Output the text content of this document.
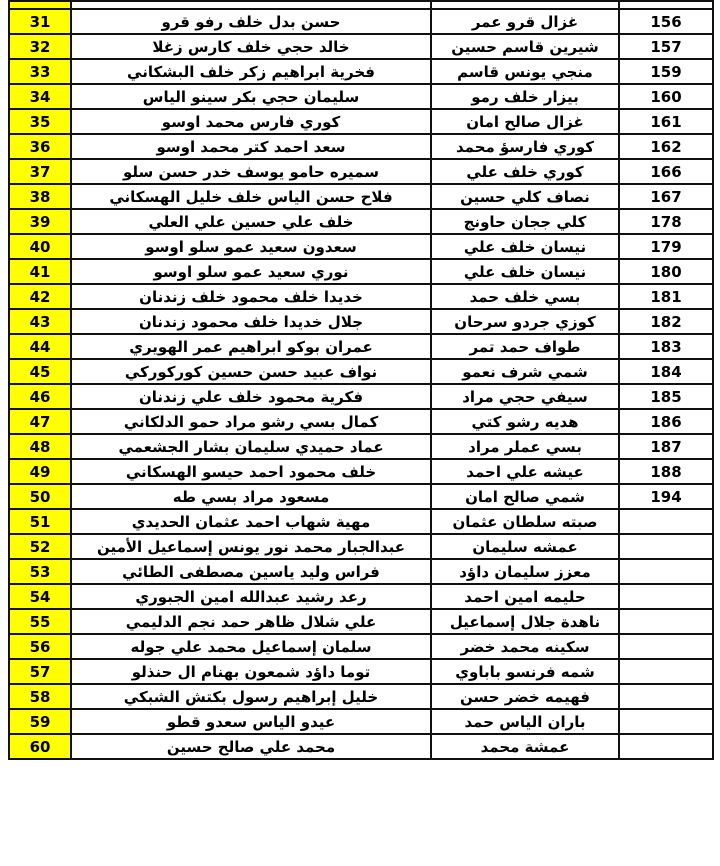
31	حسن بدل خلف رفو قرو	غزال قرو عمر	156
32	خالد حجي خلف كارس زغلا	شيرين قاسم حسين	157
33	فخرية ابراهيم زكر خلف البشكاني	منجي يونس قاسم	159
34	سليمان حجي بكر سينو الياس	بيزار خلف رمو	160
35	كوري فارس محمد اوسو	غزال صالح امان	161
36	سعد احمد كتر محمد اوسو	كوري فارسؤ محمد	162
37	سميره حامو يوسف خدر حسن سلو	كوري خلف علي	166
38	فلاح حسن الياس خلف خليل الهسكاني	نصاف كلي حسين	167
39	خلف علي حسين علي العلي	كلي ججان حاونج	178
40	سعدون سعيد عمو سلو اوسو	نيسان خلف علي	179
41	نوري سعيد عمو سلو اوسو	نيسان خلف علي	180
42	خديدا خلف محمود خلف زندنان	بسي خلف حمد	181
43	جلال خديدا خلف محمود زندنان	كوزي جردو سرحان	182
44	عمران بوكو ابراهيم عمر الهويري	طواف حمد تمر	183
45	نواف عبيد حسن حسين كوركوركي	شمي شرف نعمو	184
46	فكرية محمود خلف علي زندنان	سيفي حجي مراد	185
47	كمال بسي رشو مراد حمو الدلكاني	هديه رشو كتي	186
48	عماد حميدي سليمان بشار الجشعمي	بسي عملر مراد	187
49	خلف محمود احمد حيسو الهسكاني	عيشه علي احمد	188
50	مسعود مراد بسي طه	شمي صالح امان	194
51	مهية شهاب احمد عثمان الحديدي	صبته سلطان عثمان	
52	عبدالجبار محمد نور يونس إسماعيل الأمين	عمشه سليمان	
53	فراس وليد ياسين مصطفى الطائي	معزز سليمان داؤد	
54	رعد رشيد عبدالله امين الجبوري	حليمه امين احمد	
55	علي شلال ظاهر حمد نجم الدليمي	ناهدة جلال إسماعيل	
56	سلمان إسماعيل محمد علي جوله	سكينه محمد خضر	
57	توما داؤد شمعون بهنام ال حنذلو	شمه فرنسو باباوي	
58	خليل إبراهيم رسول بكتش الشبكي	فهيمه خضر حسن	
59	عيدو الياس سعدو قطو	باران الياس حمد	
60	محمد علي صالح حسين	عمشة محمد	
